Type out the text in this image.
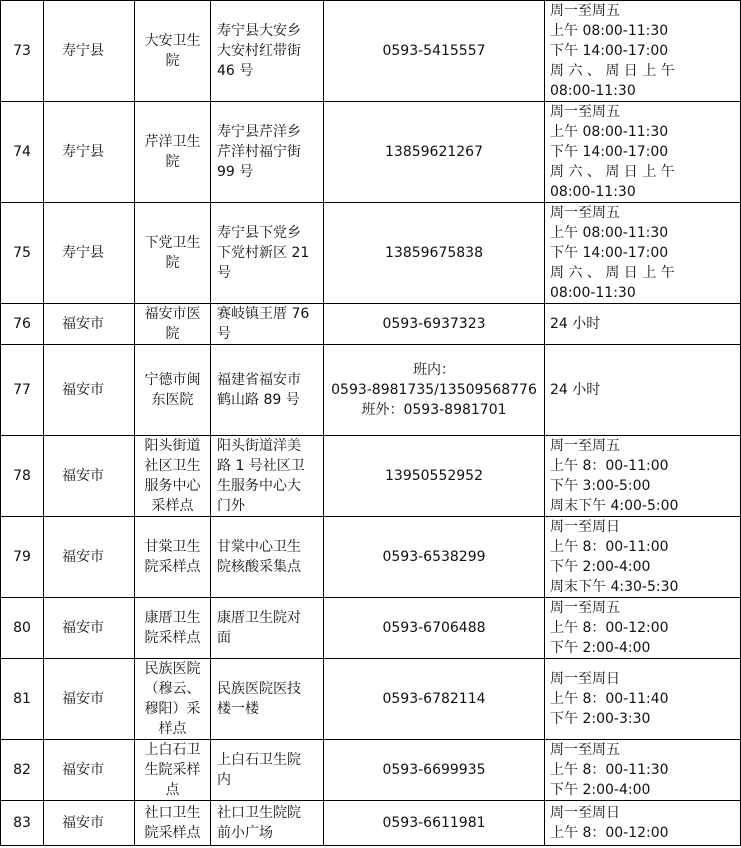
73	寿宁县	大安卫生
院	寿宁县大安乡
大安村红带街
46 号	0593-5415557	周一至周五
上午 08:00-11:30
下午 14:00-17:00
周 六 、 周 日 上 午
08:00-11:30

74	寿宁县	芹洋卫生
院	寿宁县芹洋乡
芹洋村福宁街
99 号	13859621267	周一至周五
上午 08:00-11:30
下午 14:00-17:00
周 六 、 周 日 上 午
08:00-11:30

75	寿宁县	下党卫生
院	寿宁县下党乡
下党村新区 21
号	13859675838	周一至周五
上午 08:00-11:30
下午 14:00-17:00
周 六 、 周 日 上 午
08:00-11:30

76	福安市	福安市医
院	赛岐镇王厝 76
号	0593-6937323	24 小时

77	福安市	宁德市闽
东医院	福建省福安市
鹤山路 89 号	班内：
0593-8981735/13509568776
班外：0593-8981701	24 小时

78	福安市	阳头街道
社区卫生
服务中心
采样点	阳头街道洋美
路 1 号社区卫
生服务中心大
门外	13950552952	周一至周五
上午 8：00-11:00
下午 3:00-5:00
周末下午 4:00-5:00

79	福安市	甘棠卫生
院采样点	甘棠中心卫生
院核酸采集点	0593-6538299	周一至周日
上午 8：00-11:00
下午 2:00-4:00
周末下午 4:30-5:30

80	福安市	康厝卫生
院采样点	康厝卫生院对
面	0593-6706488	周一至周五
上午 8：00-12:00
下午 2:00-4:00

81	福安市	民族医院
（穆云、
穆阳）采
样点	民族医院医技
楼一楼	0593-6782114	周一至周日
上午 8：00-11:40
下午 2:00-3:30

82	福安市	上白石卫
生院采样
点	上白石卫生院
内	0593-6699935	周一至周五
上午 8：00-11:30
下午 2:00-4:00

83	福安市	社口卫生
院采样点	社口卫生院院
前小广场	0593-6611981	周一至周日
上午 8：00-12:00
